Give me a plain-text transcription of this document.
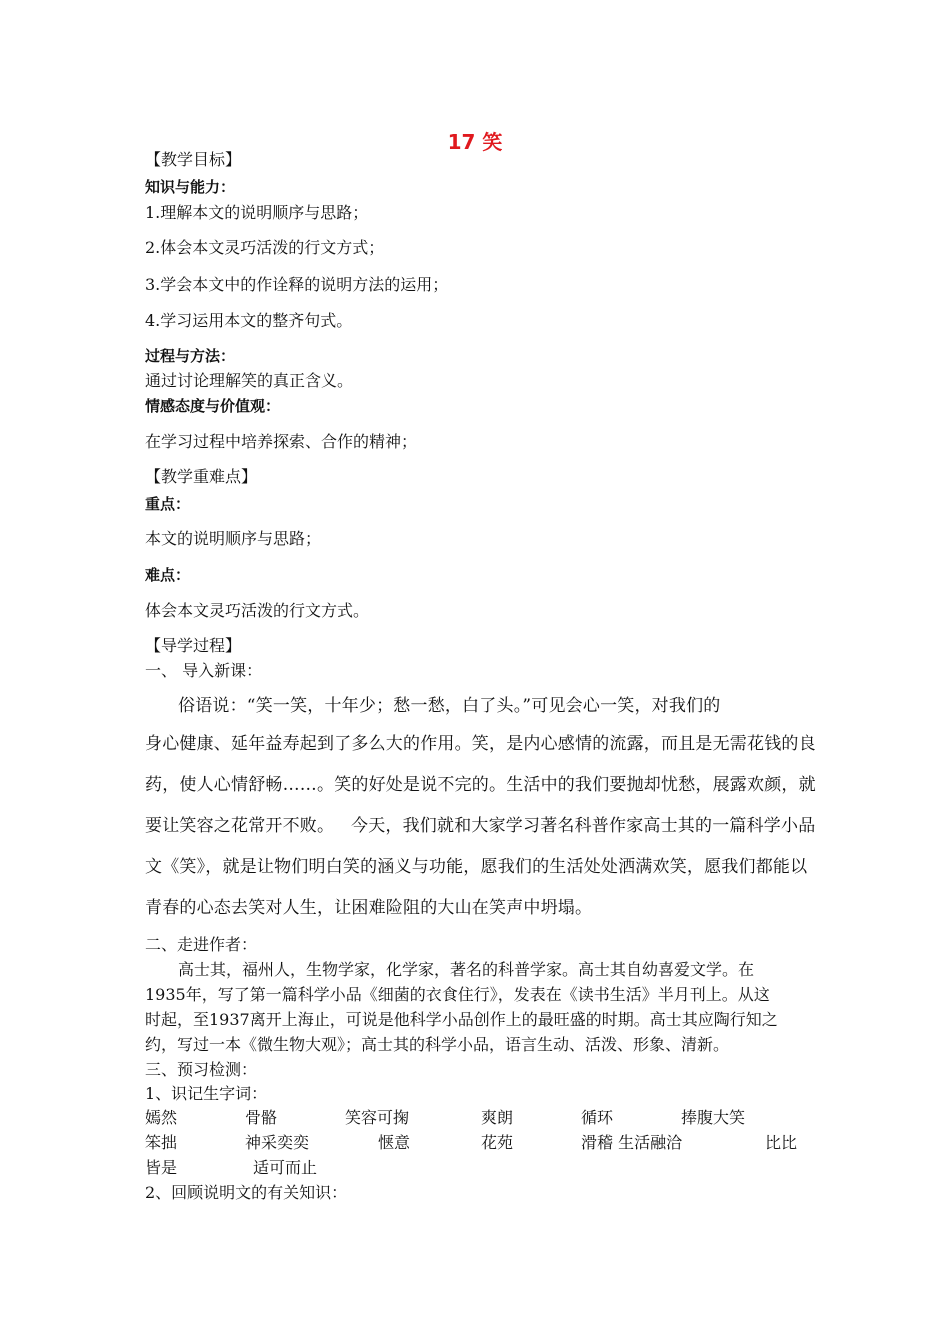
17 笑
【教学目标】
知识与能力：
1.理解本文的说明顺序与思路；
2.体会本文灵巧活泼的行文方式；
3.学会本文中的作诠释的说明方法的运用；
4.学习运用本文的整齐句式。
过程与方法：
通过讨论理解笑的真正含义。
情感态度与价值观：
在学习过程中培养探索、合作的精神；
【教学重难点】
重点：
本文的说明顺序与思路；
难点：
体会本文灵巧活泼的行文方式。
【导学过程】
一、 导入新课：
俗语说：“笑一笑，十年少；愁一愁，白了头。”可见会心一笑，对我们的
身心健康、延年益寿起到了多么大的作用。笑，是内心感情的流露，而且是无需花钱的良
药，使人心情舒畅……。笑的好处是说不完的。生活中的我们要抛却忧愁，展露欢颜，就
要让笑容之花常开不败。   今天，我们就和大家学习著名科普作家高士其的一篇科学小品
文《笑》，就是让物们明白笑的涵义与功能，愿我们的生活处处洒满欢笑，愿我们都能以
青春的心态去笑对人生，让困难险阻的大山在笑声中坍塌。
二、走进作者：
高士其，福州人，生物学家，化学家，著名的科普学家。高士其自幼喜爱文学。在
1935年，写了第一篇科学小品《细菌的衣食住行》，发表在《读书生活》半月刊上。从这
时起，至1937离开上海止，可说是他科学小品创作上的最旺盛的时期。高士其应陶行知之
约，写过一本《微生物大观》；高士其的科学小品，语言生动、活泼、形象、清新。
三、预习检测：
1、识记生字词：
嫣然	骨骼	笑容可掬	爽朗	循环	捧腹大笑
笨拙	神采奕奕	惬意	花苑	滑稽 生活融洽	比比
皆是	适可而止
2、回顾说明文的有关知识：
